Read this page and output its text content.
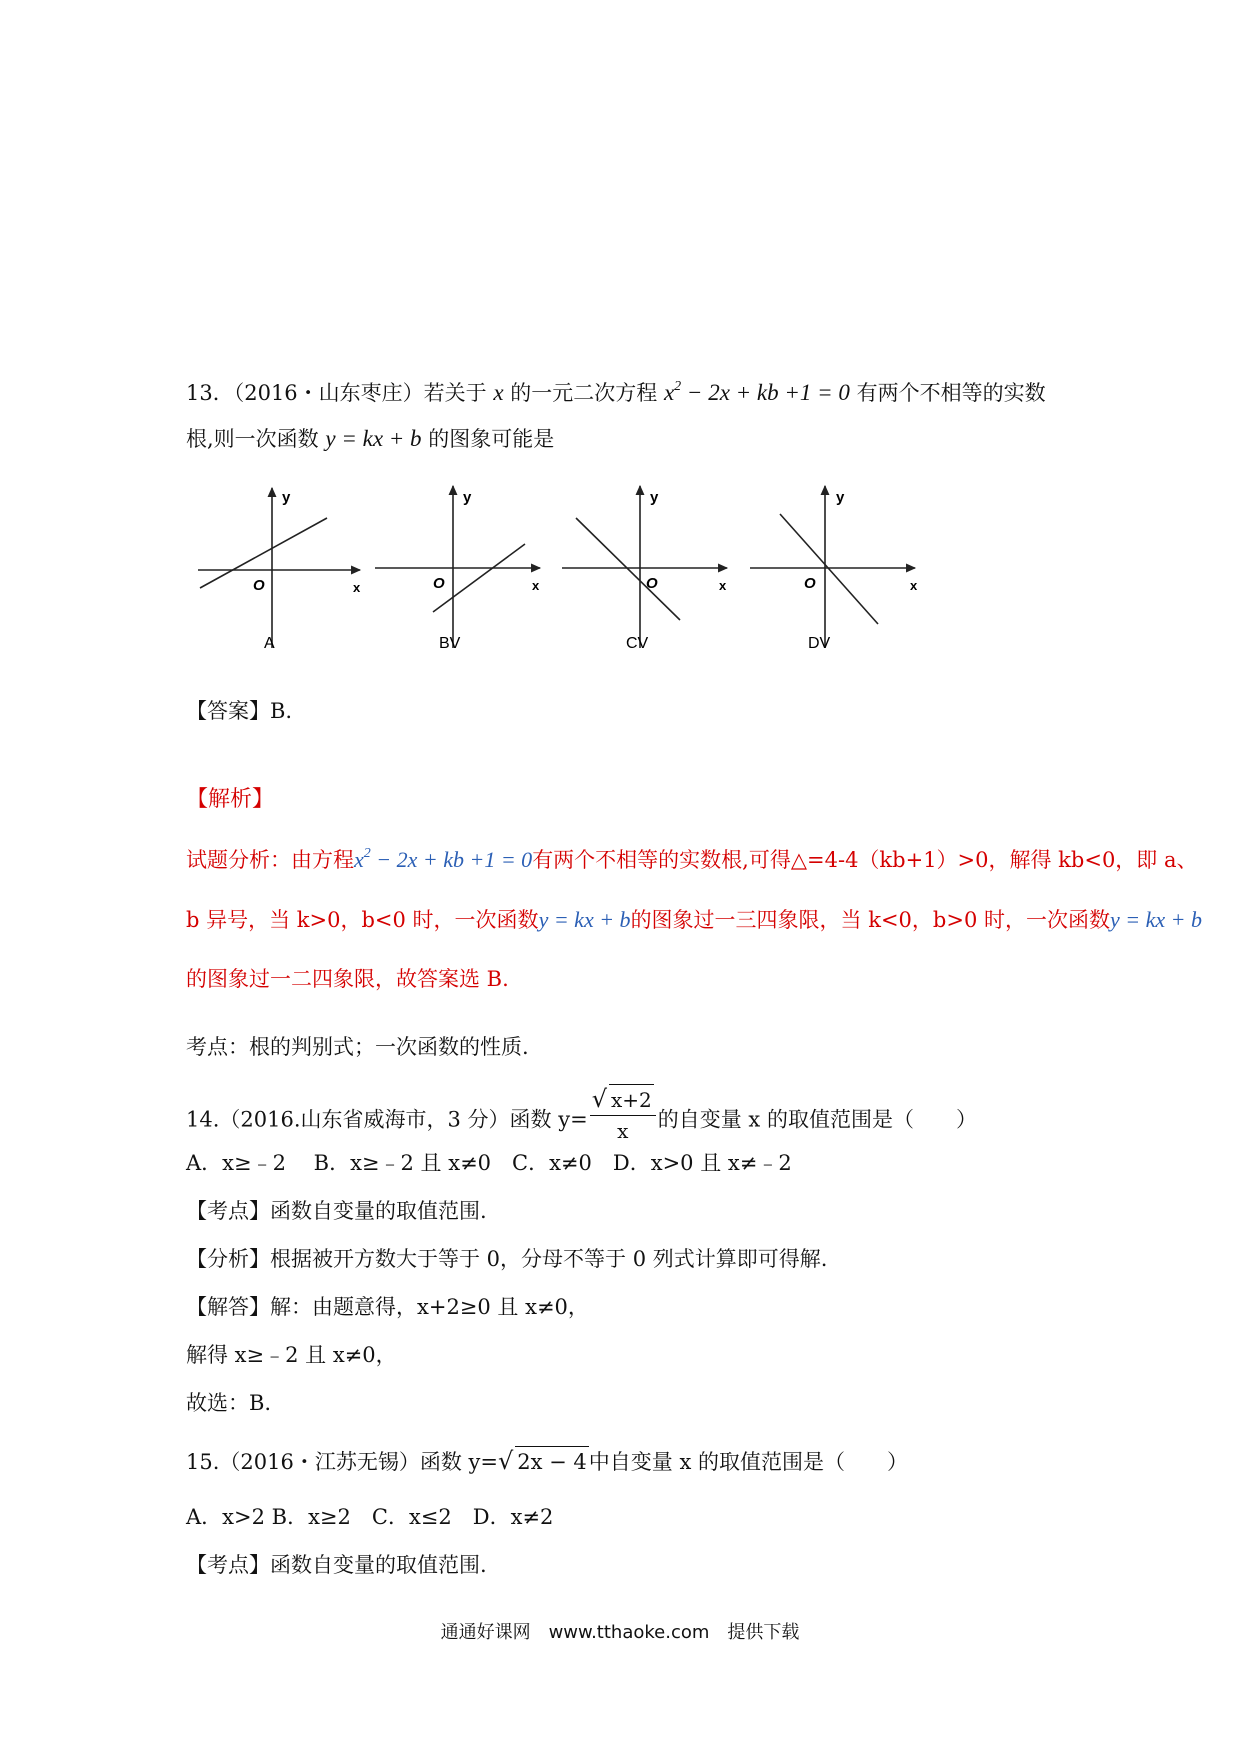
13．（2016・山东枣庄）若关于 x 的一元二次方程 $x^2 - 2x$ + kb +1 = 0 有两个不相等的实数
根,则一次函数 y = kx + b 的图象可能是
y
O	x
A
y
O	x
BV
y
O	x
CV
y
O	x
DV
【答案】B.
【解析】
试题分析：由方程$x^2 - 2x$ + kb +1 = 0有两个不相等的实数根,可得△=4-4（kb+1）>0，解得 kb<0，即 a、
b 异号，当 k>0，b<0 时，一次函数y = kx + b的图象过一三四象限，当 k<0，b>0 时，一次函数y = kx + b
的图象过一二四象限，故答案选 B.
考点：根的判别式；一次函数的性质.
14.（2016.山东省威海市，3 分）函数 $y= \frac{√ x+2}{x}$ 的自变量 x 的取值范围是（　　）
A．x≥﹣2　 B．x≥﹣2 且 x≠0　C．x≠0　D．x>0 且 x≠﹣2
【考点】函数自变量的取值范围.
【分析】根据被开方数大于等于 0，分母不等于 0 列式计算即可得解.
【解答】解：由题意得，x+2≥0 且 x≠0，
解得 x≥﹣2 且 x≠0，
故选：B.
15.（2016・江苏无锡）函数 y=√ 2x − 4中自变量 x 的取值范围是（　　）
A．x>2 B．x≥2　C．x≤2　D．x≠2
【考点】函数自变量的取值范围.
通通好课网　www.tthaoke.com　提供下载
